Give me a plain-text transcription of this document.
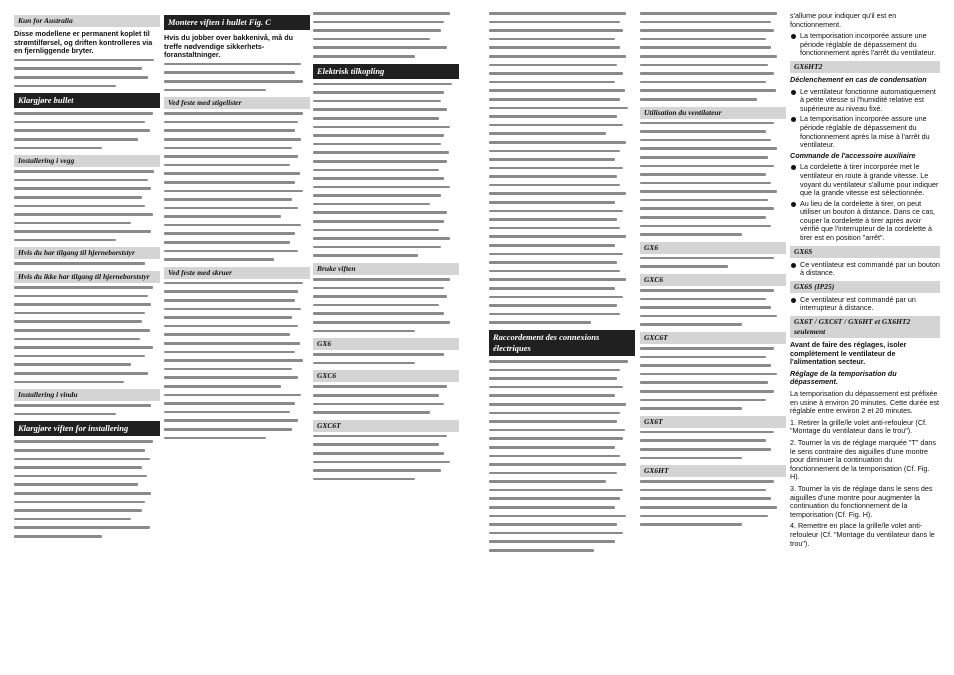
Kun for Australia
Disse modellene er permanent koplet til strømtilførsel, og driften kontrolleres via en fjernliggende bryter.
Klargjøre bullet
Installering i vegg
Hvis du har tilgang til hjerneborststyr
Hvis du ikke har tilgang til hjerneborststyr
Installering i vindu
Klargjøre viften for installering
Montere viften i hullet Fig. C
Hvis du jobber over bakkenivå, må du treffe nødvendige sikkerhets-foranstaltninger.
Ved feste med stigelister
Ved feste med skruer
Elektrisk tilkopling
Bruke viften
GX6
GXC6
GXC6T
Raccordement des connexions électriques
Utilisation du ventilateur
GX6
GXC6
GXC6T
GX6T
GX6HT
s'allume pour indiquer qu'il est en fonctionnement.
La temporisation incorporée assure une période réglable de dépassement du fonctionnement après l'arrêt du ventilateur.
GX6HT2
Déclenchement en cas de condensation
Le ventilateur fonctionne automatiquement à petite vitesse si l'humidité relative est supérieure au niveau fixé.
La temporisation incorporée assure une période réglable de dépassement du fonctionnement après la mise à l'arrêt du ventilateur.
Commande de l'accessoire auxiliaire
La cordelette à tirer incorporée met le ventilateur en route à grande vitesse. Le voyant du ventilateur s'allume pour indiquer que la grande vitesse est sélectionnée.
Au lieu de la cordelette à tirer, on peut utiliser un bouton à distance. Dans ce cas, couper la cordelette à tirer après avoir vérifié que l'interrupteur de la cordelette à tirer est en position "arrêt".
GX6S
Ce ventilateur est commandé par un bouton à distance.
GX6S (IP25)
Ce ventilateur est commandé par un interrupteur à distance.
GX6T / GXC6T / GX6HT et GX6HT2 seulement
Avant de faire des réglages, isoler complètement le ventilateur de l'alimentation secteur.
Réglage de la temporisation du dépassement.
La temporisation du dépassement est préfixée en usine à environ 20 minutes. Cette durée est réglable entre environ 2 et 20 minutes.
1. Retirer la grille/le volet anti-refouleur (Cf. "Montage du ventilateur dans le trou").
2. Tourner la vis de réglage marquée "T" dans le sens contraire des aiguilles d'une montre pour diminuer la continuation du fonctionnement de la temporisation (Cf. Fig. H).
3. Tourner la vis de réglage dans le sens des aiguilles d'une montre pour augmenter la continuation du fonctionnement de la temporisation (Cf. Fig. H).
4. Remettre en place la grille/le volet anti-refouleur (Cf. "Montage du ventilateur dans le trou").
